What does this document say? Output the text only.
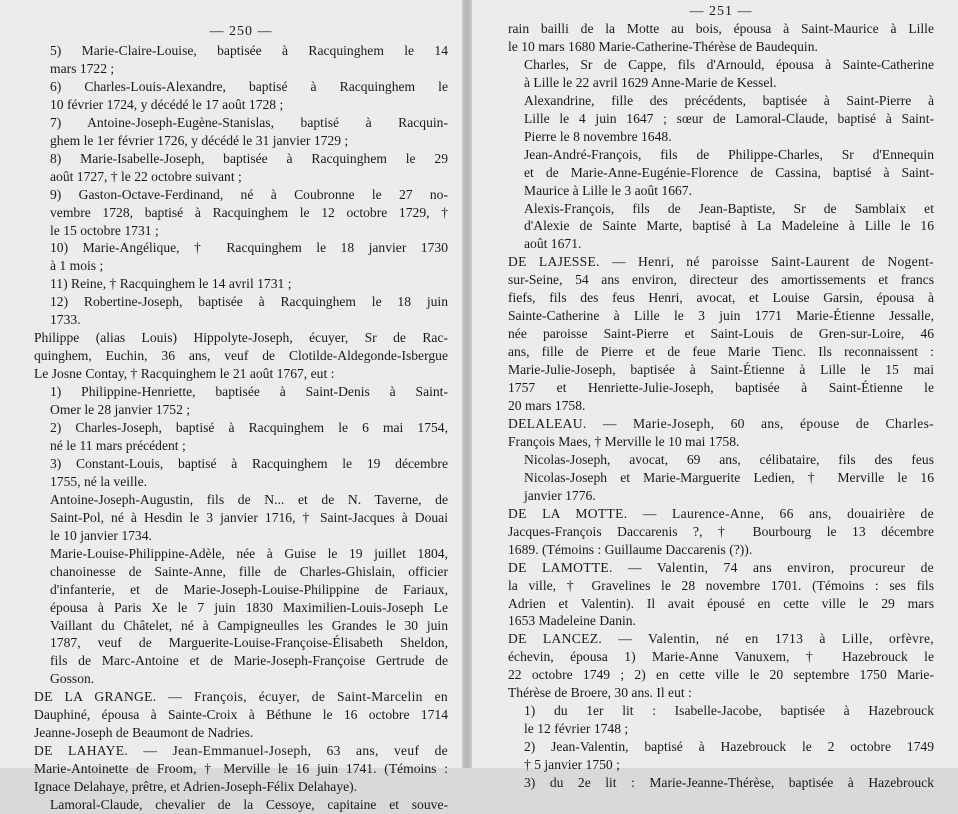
— 250 —

5) Marie-Claire-Louise, baptisée à Racquinghem le 14
mars 1722 ;

6) Charles-Louis-Alexandre, baptisé à Racquinghem le
10 février 1724, y décédé le 17 août 1728 ;

7) Antoine-Joseph-Eugène-Stanislas, baptisé à Racquin-
ghem le 1er février 1726, y décédé le 31 janvier 1729 ;

8) Marie-Isabelle-Joseph, baptisée à Racquinghem le 29
août 1727, † le 22 octobre suivant ;

9) Gaston-Octave-Ferdinand, né à Coubronne le 27 no-
vembre 1728, baptisé à Racquinghem le 12 octobre 1729, †
le 15 octobre 1731 ;

10) Marie-Angélique, † Racquinghem le 18 janvier 1730
à 1 mois ;

11) Reine, † Racquinghem le 14 avril 1731 ;

12) Robertine-Joseph, baptisée à Racquinghem le 18 juin
1733.

Philippe (alias Louis) Hippolyte-Joseph, écuyer, Sr de Rac-
quinghem, Euchin, 36 ans, veuf de Clotilde-Aldegonde-Isbergue
Le Josne Contay, † Racquinghem le 21 août 1767, eut :

1) Philippine-Henriette, baptisée à Saint-Denis à Saint-
Omer le 28 janvier 1752 ;

2) Charles-Joseph, baptisé à Racquinghem le 6 mai 1754,
né le 11 mars précédent ;

3) Constant-Louis, baptisé à Racquinghem le 19 décembre
1755, né la veille.

Antoine-Joseph-Augustin, fils de N... et de N. Taverne, de
Saint-Pol, né à Hesdin le 3 janvier 1716, † Saint-Jacques à Douai
le 10 janvier 1734.

Marie-Louise-Philippine-Adèle, née à Guise le 19 juillet 1804,
chanoinesse de Sainte-Anne, fille de Charles-Ghislain, officier
d'infanterie, et de Marie-Joseph-Louise-Philippine de Fariaux,
épousa à Paris Xe le 7 juin 1830 Maximilien-Louis-Joseph Le
Vaillant du Châtelet, né à Campigneulles les Grandes le 30 juin
1787, veuf de Marguerite-Louise-Françoise-Élisabeth Sheldon,
fils de Marc-Antoine et de Marie-Joseph-Françoise Gertrude de
Gosson.

DE LA GRANGE. — François, écuyer, de Saint-Marcelin en
Dauphiné, épousa à Sainte-Croix à Béthune le 16 octobre 1714
Jeanne-Joseph de Beaumont de Nadries.

DE LAHAYE. — Jean-Emmanuel-Joseph, 63 ans, veuf de
Marie-Antoinette de Froom, † Merville le 16 juin 1741. (Témoins :
Ignace Delahaye, prêtre, et Adrien-Joseph-Félix Delahaye).

Lamoral-Claude, chevalier de la Cessoye, capitaine et souve-

— 251 —

rain bailli de la Motte au bois, épousa à Saint-Maurice à Lille
le 10 mars 1680 Marie-Catherine-Thérèse de Baudequin.

Charles, Sr de Cappe, fils d'Arnould, épousa à Sainte-Catherine
à Lille le 22 avril 1629 Anne-Marie de Kessel.

Alexandrine, fille des précédents, baptisée à Saint-Pierre à
Lille le 4 juin 1647 ; sœur de Lamoral-Claude, baptisé à Saint-
Pierre le 8 novembre 1648.

Jean-André-François, fils de Philippe-Charles, Sr d'Ennequin
et de Marie-Anne-Eugénie-Florence de Cassina, baptisé à Saint-
Maurice à Lille le 3 août 1667.

Alexis-François, fils de Jean-Baptiste, Sr de Samblaix et
d'Alexie de Sainte Marte, baptisé à La Madeleine à Lille le 16
août 1671.

DE LAJESSE. — Henri, né paroisse Saint-Laurent de Nogent-
sur-Seine, 54 ans environ, directeur des amortissements et francs
fiefs, fils des feus Henri, avocat, et Louise Garsin, épousa à
Sainte-Catherine à Lille le 3 juin 1771 Marie-Étienne Jessalle,
née paroisse Saint-Pierre et Saint-Louis de Gren-sur-Loire, 46
ans, fille de Pierre et de feue Marie Tienc. Ils reconnaissent :
Marie-Julie-Joseph, baptisée à Saint-Étienne à Lille le 15 mai
1757 et Henriette-Julie-Joseph, baptisée à Saint-Étienne le
20 mars 1758.

DELALEAU. — Marie-Joseph, 60 ans, épouse de Charles-
François Maes, † Merville le 10 mai 1758.

Nicolas-Joseph, avocat, 69 ans, célibataire, fils des feus
Nicolas-Joseph et Marie-Marguerite Ledien, † Merville le 16
janvier 1776.

DE LA MOTTE. — Laurence-Anne, 66 ans, douairière de
Jacques-François Daccarenis ?, † Bourbourg le 13 décembre
1689. (Témoins : Guillaume Daccarenis (?)).

DE LAMOTTE. — Valentin, 74 ans environ, procureur de
la ville, † Gravelines le 28 novembre 1701. (Témoins : ses fils
Adrien et Valentin). Il avait épousé en cette ville le 29 mars
1653 Madeleine Danin.

DE LANCEZ. — Valentin, né en 1713 à Lille, orfèvre,
échevin, épousa 1) Marie-Anne Vanuxem, † Hazebrouck le
22 octobre 1749 ; 2) en cette ville le 20 septembre 1750 Marie-
Thérèse de Broere, 30 ans. Il eut :

1) du 1er lit : Isabelle-Jacobe, baptisée à Hazebrouck
le 12 février 1748 ;

2) Jean-Valentin, baptisé à Hazebrouck le 2 octobre 1749
† 5 janvier 1750 ;

3) du 2e lit : Marie-Jeanne-Thérèse, baptisée à Hazebrouck
